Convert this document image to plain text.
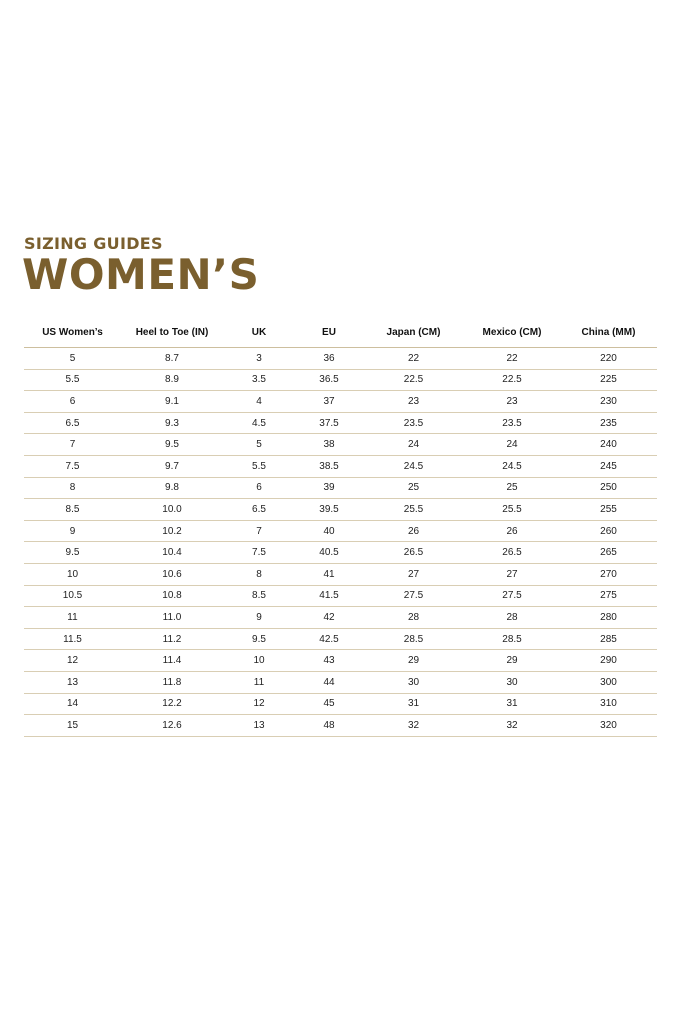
SIZING GUIDES
WOMEN’S
US Women’s	Heel to Toe (IN)	UK	EU	Japan (CM)	Mexico (CM)	China (MM)
5	8.7	3	36	22	22	220
5.5	8.9	3.5	36.5	22.5	22.5	225
6	9.1	4	37	23	23	230
6.5	9.3	4.5	37.5	23.5	23.5	235
7	9.5	5	38	24	24	240
7.5	9.7	5.5	38.5	24.5	24.5	245
8	9.8	6	39	25	25	250
8.5	10.0	6.5	39.5	25.5	25.5	255
9	10.2	7	40	26	26	260
9.5	10.4	7.5	40.5	26.5	26.5	265
10	10.6	8	41	27	27	270
10.5	10.8	8.5	41.5	27.5	27.5	275
11	11.0	9	42	28	28	280
11.5	11.2	9.5	42.5	28.5	28.5	285
12	11.4	10	43	29	29	290
13	11.8	11	44	30	30	300
14	12.2	12	45	31	31	310
15	12.6	13	48	32	32	320
